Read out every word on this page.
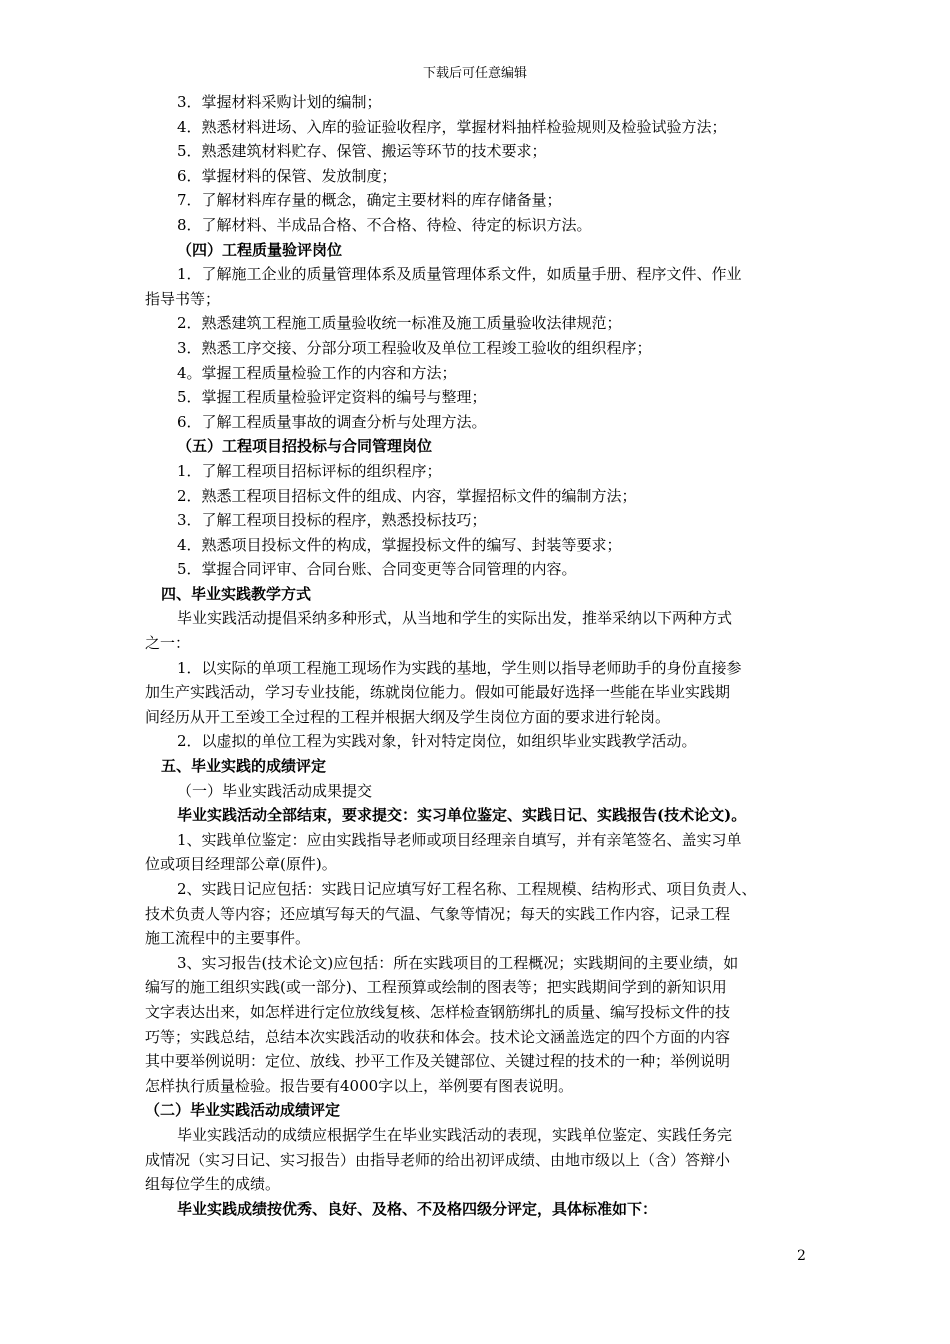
下载后可任意编辑
3．掌握材料采购计划的编制；
4．熟悉材料进场、入库的验证验收程序，掌握材料抽样检验规则及检验试验方法；
5．熟悉建筑材料贮存、保管、搬运等环节的技术要求；
6．掌握材料的保管、发放制度；
7．了解材料库存量的概念，确定主要材料的库存储备量；
8．了解材料、半成品合格、不合格、待检、待定的标识方法。
（四）工程质量验评岗位
1．了解施工企业的质量管理体系及质量管理体系文件，如质量手册、程序文件、作业
指导书等；
2．熟悉建筑工程施工质量验收统一标准及施工质量验收法律规范；
3．熟悉工序交接、分部分项工程验收及单位工程竣工验收的组织程序；
4。掌握工程质量检验工作的内容和方法；
5．掌握工程质量检验评定资料的编号与整理；
6．了解工程质量事故的调查分析与处理方法。
（五）工程项目招投标与合同管理岗位
1．了解工程项目招标评标的组织程序；
2．熟悉工程项目招标文件的组成、内容，掌握招标文件的编制方法；
3．了解工程项目投标的程序，熟悉投标技巧；
4．熟悉项目投标文件的构成，掌握投标文件的编写、封装等要求；
5．掌握合同评审、合同台账、合同变更等合同管理的内容。
四、毕业实践教学方式
毕业实践活动提倡采纳多种形式，从当地和学生的实际出发，推举采纳以下两种方式
之一：
1．以实际的单项工程施工现场作为实践的基地，学生则以指导老师助手的身份直接参
加生产实践活动，学习专业技能，练就岗位能力。假如可能最好选择一些能在毕业实践期
间经历从开工至竣工全过程的工程并根据大纲及学生岗位方面的要求进行轮岗。
2．以虚拟的单位工程为实践对象，针对特定岗位，如组织毕业实践教学活动。
五、毕业实践的成绩评定
（一）毕业实践活动成果提交
毕业实践活动全部结束，要求提交：实习单位鉴定、实践日记、实践报告(技术论文)。
1、实践单位鉴定：应由实践指导老师或项目经理亲自填写，并有亲笔签名、盖实习单
位或项目经理部公章(原件)。
2、实践日记应包括：实践日记应填写好工程名称、工程规模、结构形式、项目负责人、
技术负责人等内容；还应填写每天的气温、气象等情况；每天的实践工作内容，记录工程
施工流程中的主要事件。
3、实习报告(技术论文)应包括：所在实践项目的工程概况；实践期间的主要业绩，如
编写的施工组织实践(或一部分)、工程预算或绘制的图表等；把实践期间学到的新知识用
文字表达出来，如怎样进行定位放线复核、怎样检查钢筋绑扎的质量、编写投标文件的技
巧等；实践总结，总结本次实践活动的收获和体会。技术论文涵盖选定的四个方面的内容
其中要举例说明：定位、放线、抄平工作及关键部位、关键过程的技术的一种；举例说明
怎样执行质量检验。报告要有4000字以上，举例要有图表说明。
（二）毕业实践活动成绩评定
毕业实践活动的成绩应根据学生在毕业实践活动的表现，实践单位鉴定、实践任务完
成情况（实习日记、实习报告）由指导老师的给出初评成绩、由地市级以上（含）答辩小
组每位学生的成绩。
毕业实践成绩按优秀、良好、及格、不及格四级分评定，具体标准如下：
2
